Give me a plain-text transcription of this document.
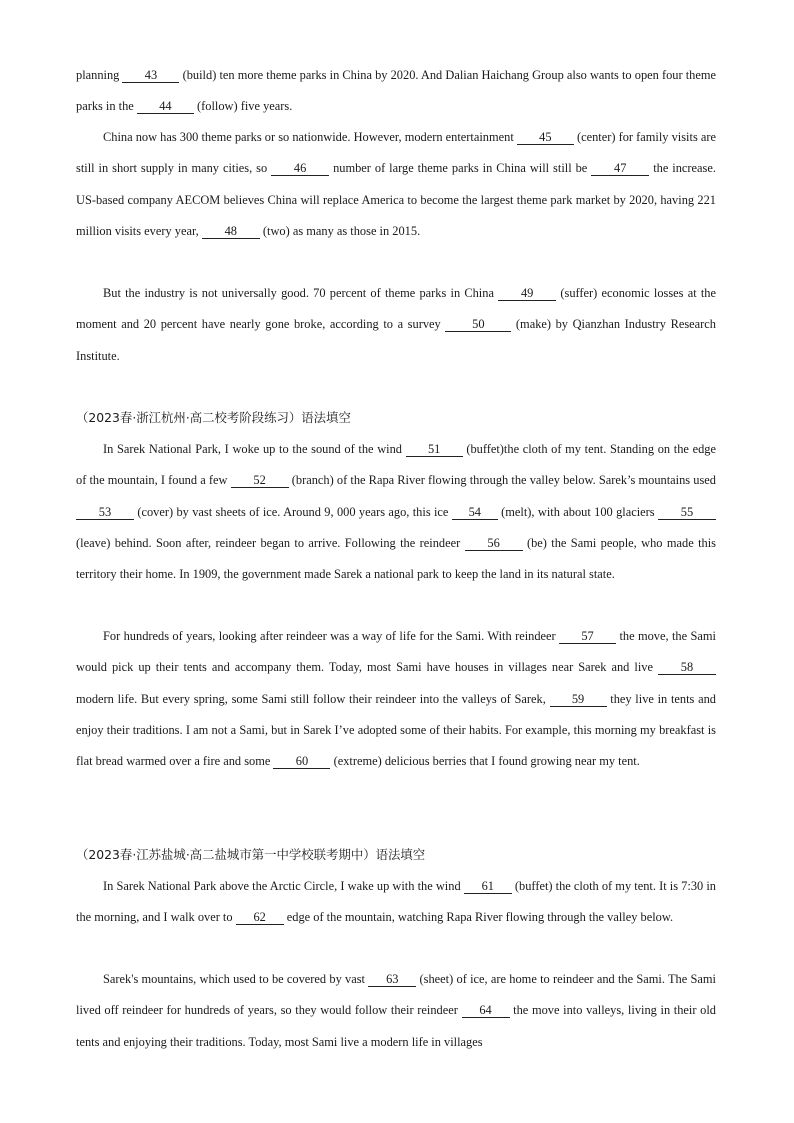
planning 43 (build) ten more theme parks in China by 2020. And Dalian Haichang Group also wants to open four theme parks in the 44 (follow) five years.

China now has 300 theme parks or so nationwide. However, modern entertainment 45 (center) for family visits are still in short supply in many cities, so 46 number of large theme parks in China will still be 47 the increase. US-based company AECOM believes China will replace America to become the largest theme park market by 2020, having 221 million visits every year, 48 (two) as many as those in 2015.

But the industry is not universally good. 70 percent of theme parks in China 49 (suffer) economic losses at the moment and 20 percent have nearly gone broke, according to a survey 50 (make) by Qianzhan Industry Research Institute.

（2023春·浙江杭州·高二校考阶段练习）语法填空

In Sarek National Park, I woke up to the sound of the wind 51 (buffet)the cloth of my tent. Standing on the edge of the mountain, I found a few 52 (branch) of the Rapa River flowing through the valley below. Sarek’s mountains used 53 (cover) by vast sheets of ice. Around 9, 000 years ago, this ice 54 (melt), with about 100 glaciers 55 (leave) behind. Soon after, reindeer began to arrive. Following the reindeer 56 (be) the Sami people, who made this territory their home. In 1909, the government made Sarek a national park to keep the land in its natural state.

For hundreds of years, looking after reindeer was a way of life for the Sami. With reindeer 57 the move, the Sami would pick up their tents and accompany them. Today, most Sami have houses in villages near Sarek and live 58 modern life. But every spring, some Sami still follow their reindeer into the valleys of Sarek, 59 they live in tents and enjoy their traditions. I am not a Sami, but in Sarek I’ve adopted some of their habits. For example, this morning my breakfast is flat bread warmed over a fire and some 60 (extreme) delicious berries that I found growing near my tent.

（2023春·江苏盐城·高二盐城市第一中学校联考期中）语法填空

In Sarek National Park above the Arctic Circle, I wake up with the wind 61 (buffet) the cloth of my tent. It is 7:30 in the morning, and I walk over to 62 edge of the mountain, watching Rapa River flowing through the valley below.

Sarek's mountains, which used to be covered by vast 63 (sheet) of ice, are home to reindeer and the Sami. The Sami lived off reindeer for hundreds of years, so they would follow their reindeer 64 the move into valleys, living in their old tents and enjoying their traditions. Today, most Sami live a modern life in villages
